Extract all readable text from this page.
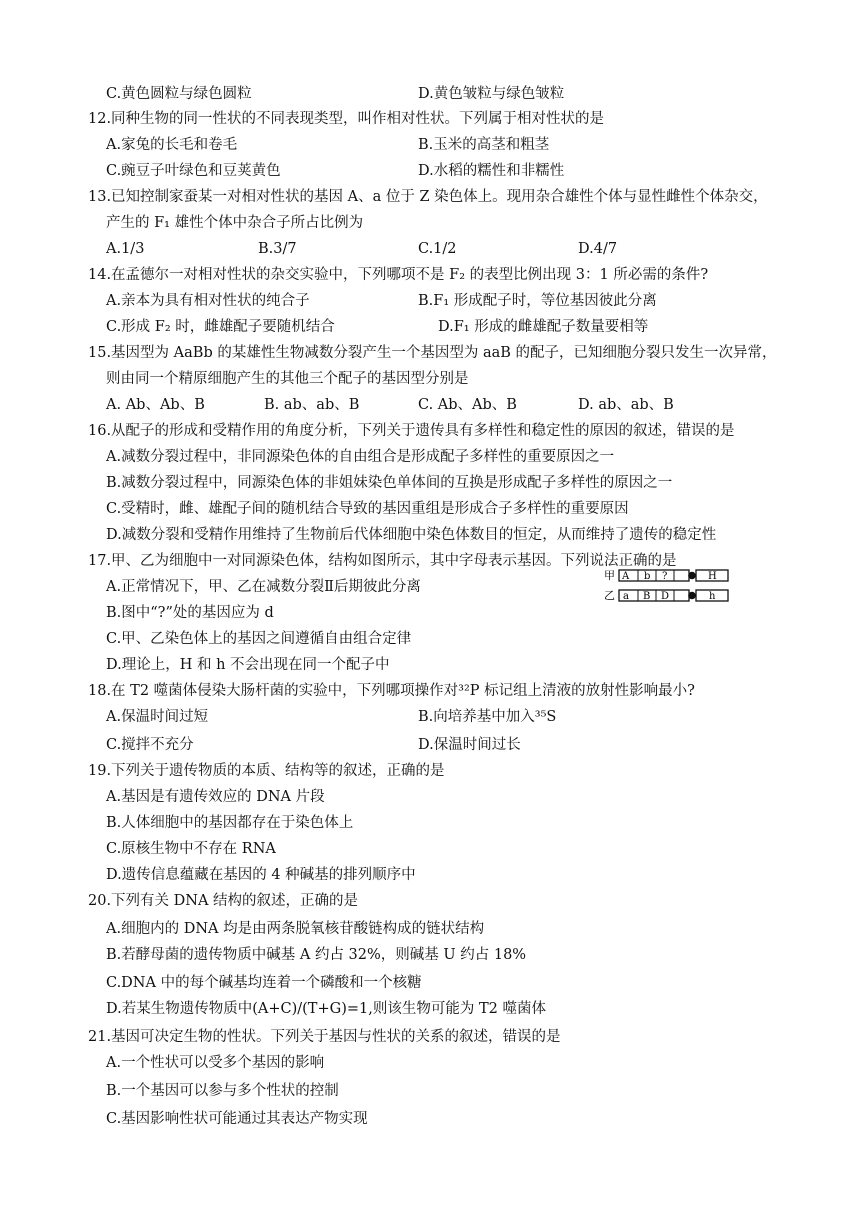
C.黄色圆粒与绿色圆粒	D.黄色皱粒与绿色皱粒
12.同种生物的同一性状的不同表现类型，叫作相对性状。下列属于相对性状的是
A.家兔的长毛和卷毛	B.玉米的高茎和粗茎
C.豌豆子叶绿色和豆荚黄色	D.水稻的糯性和非糯性
13.已知控制家蚕某一对相对性状的基因 A、a 位于 Z 染色体上。现用杂合雄性个体与显性雌性个体杂交，
产生的 F₁ 雄性个体中杂合子所占比例为
A.1/3	B.3/7	C.1/2	D.4/7
14.在孟德尔一对相对性状的杂交实验中，下列哪项不是 F₂ 的表型比例出现 3：1 所必需的条件?
A.亲本为具有相对性状的纯合子	B.F₁ 形成配子时，等位基因彼此分离
C.形成 F₂ 时，雌雄配子要随机结合	D.F₁ 形成的雌雄配子数量要相等
15.基因型为 AaBb 的某雄性生物减数分裂产生一个基因型为 aaB 的配子，已知细胞分裂只发生一次异常，
则由同一个精原细胞产生的其他三个配子的基因型分别是
A. Ab、Ab、B	B. ab、ab、B	C. Ab、Ab、B	D. ab、ab、B
16.从配子的形成和受精作用的角度分析，下列关于遗传具有多样性和稳定性的原因的叙述，错误的是
A.减数分裂过程中，非同源染色体的自由组合是形成配子多样性的重要原因之一
B.减数分裂过程中，同源染色体的非姐妹染色单体间的互换是形成配子多样性的原因之一
C.受精时，雌、雄配子间的随机结合导致的基因重组是形成合子多样性的重要原因
D.减数分裂和受精作用维持了生物前后代体细胞中染色体数目的恒定，从而维持了遗传的稳定性
17.甲、乙为细胞中一对同源染色体，结构如图所示，其中字母表示基因。下列说法正确的是
A.正常情况下，甲、乙在减数分裂Ⅱ后期彼此分离
B.图中“?”处的基因应为 d
C.甲、乙染色体上的基因之间遵循自由组合定律
D.理论上，H 和 h 不会出现在同一个配子中
甲 A b ?	H
乙 a B D	h
18.在 T2 噬菌体侵染大肠杆菌的实验中，下列哪项操作对³²P 标记组上清液的放射性影响最小?
A.保温时间过短	B.向培养基中加入³⁵S
C.搅拌不充分	D.保温时间过长
19.下列关于遗传物质的本质、结构等的叙述，正确的是
A.基因是有遗传效应的 DNA 片段
B.人体细胞中的基因都存在于染色体上
C.原核生物中不存在 RNA
D.遗传信息蕴藏在基因的 4 种碱基的排列顺序中
20.下列有关 DNA 结构的叙述，正确的是
A.细胞内的 DNA 均是由两条脱氧核苷酸链构成的链状结构
B.若酵母菌的遗传物质中碱基 A 约占 32%，则碱基 U 约占 18%
C.DNA 中的每个碱基均连着一个磷酸和一个核糖
D.若某生物遗传物质中(A+C)/(T+G)=1,则该生物可能为 T2 噬菌体
21.基因可决定生物的性状。下列关于基因与性状的关系的叙述，错误的是
A.一个性状可以受多个基因的影响
B.一个基因可以参与多个性状的控制
C.基因影响性状可能通过其表达产物实现
